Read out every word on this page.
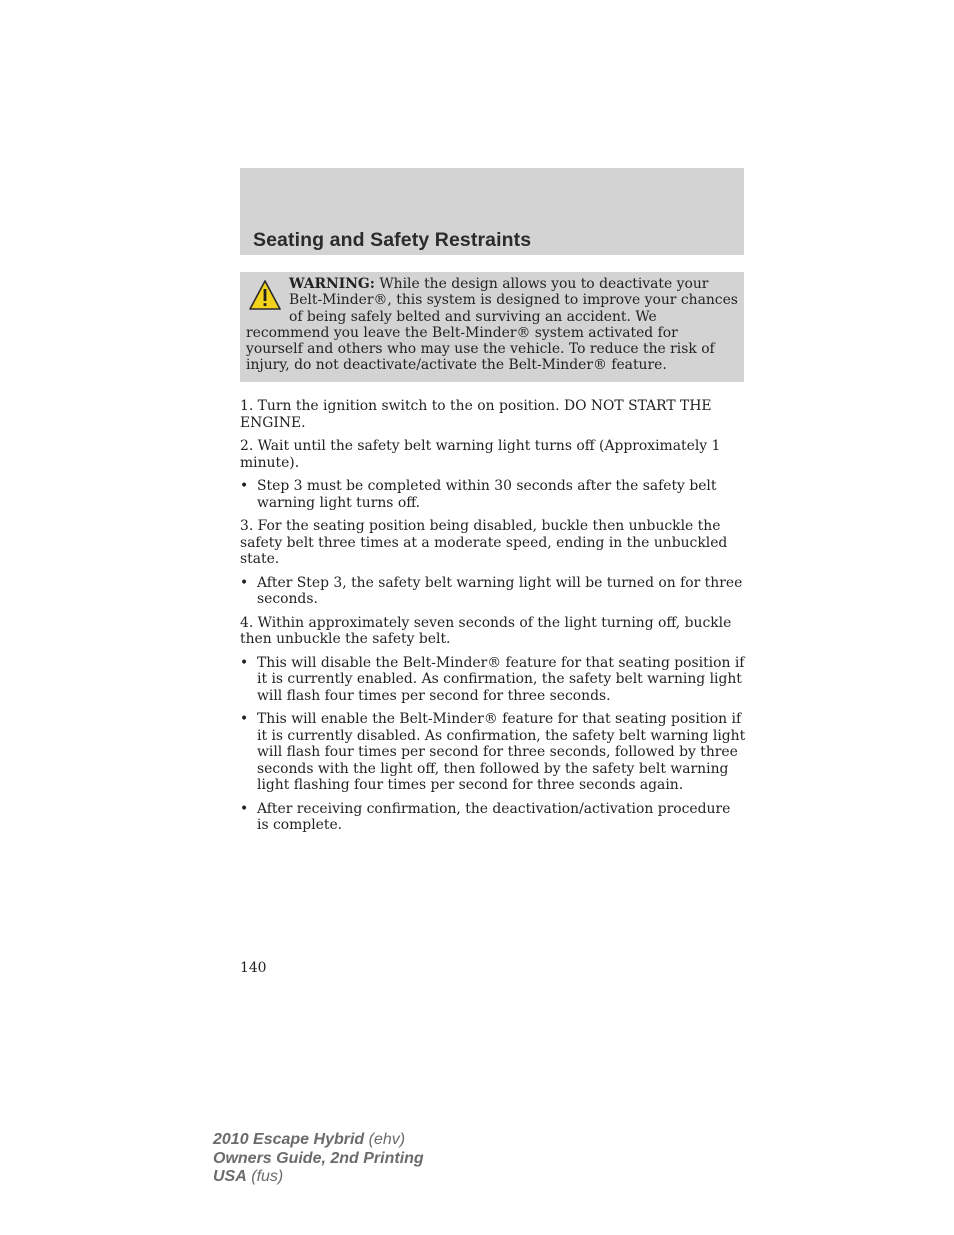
Seating and Safety Restraints
WARNING: While the design allows you to deactivate your Belt-Minder®, this system is designed to improve your chances of being safely belted and surviving an accident. We recommend you leave the Belt-Minder® system activated for yourself and others who may use the vehicle. To reduce the risk of injury, do not deactivate/activate the Belt-Minder® feature.

1. Turn the ignition switch to the on position. DO NOT START THE ENGINE.

2. Wait until the safety belt warning light turns off (Approximately 1 minute).

• Step 3 must be completed within 30 seconds after the safety belt warning light turns off.

3. For the seating position being disabled, buckle then unbuckle the safety belt three times at a moderate speed, ending in the unbuckled state.

• After Step 3, the safety belt warning light will be turned on for three seconds.

4. Within approximately seven seconds of the light turning off, buckle then unbuckle the safety belt.

• This will disable the Belt-Minder® feature for that seating position if it is currently enabled. As confirmation, the safety belt warning light will flash four times per second for three seconds.
• This will enable the Belt-Minder® feature for that seating position if it is currently disabled. As confirmation, the safety belt warning light will flash four times per second for three seconds, followed by three seconds with the light off, then followed by the safety belt warning light flashing four times per second for three seconds again.
• After receiving confirmation, the deactivation/activation procedure is complete.
140
2010 Escape Hybrid (ehv)
Owners Guide, 2nd Printing
USA (fus)
